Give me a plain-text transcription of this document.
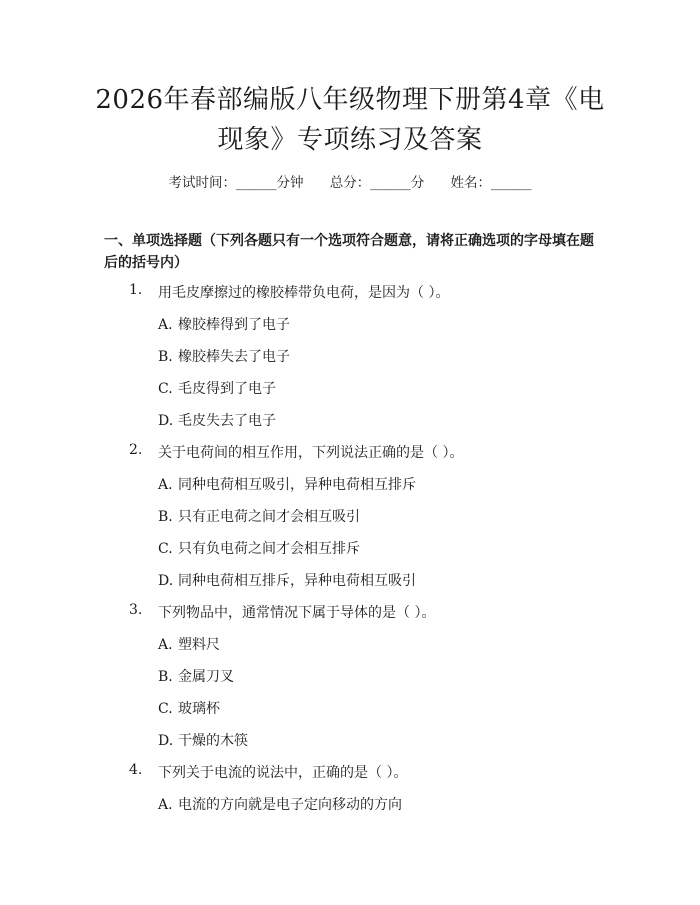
2026年春部编版八年级物理下册第4章《电现象》专项练习及答案
考试时间：______分钟 总分：______分 姓名：______
一、单项选择题（下列各题只有一个选项符合题意，请将正确选项的字母填在题后的括号内）
1. 用毛皮摩擦过的橡胶棒带负电荷，是因为（ ）。
A. 橡胶棒得到了电子
B. 橡胶棒失去了电子
C. 毛皮得到了电子
D. 毛皮失去了电子
2. 关于电荷间的相互作用，下列说法正确的是（ ）。
A. 同种电荷相互吸引，异种电荷相互排斥
B. 只有正电荷之间才会相互吸引
C. 只有负电荷之间才会相互排斥
D. 同种电荷相互排斥，异种电荷相互吸引
3. 下列物品中，通常情况下属于导体的是（ ）。
A. 塑料尺
B. 金属刀叉
C. 玻璃杯
D. 干燥的木筷
4. 下列关于电流的说法中，正确的是（ ）。
A. 电流的方向就是电子定向移动的方向
